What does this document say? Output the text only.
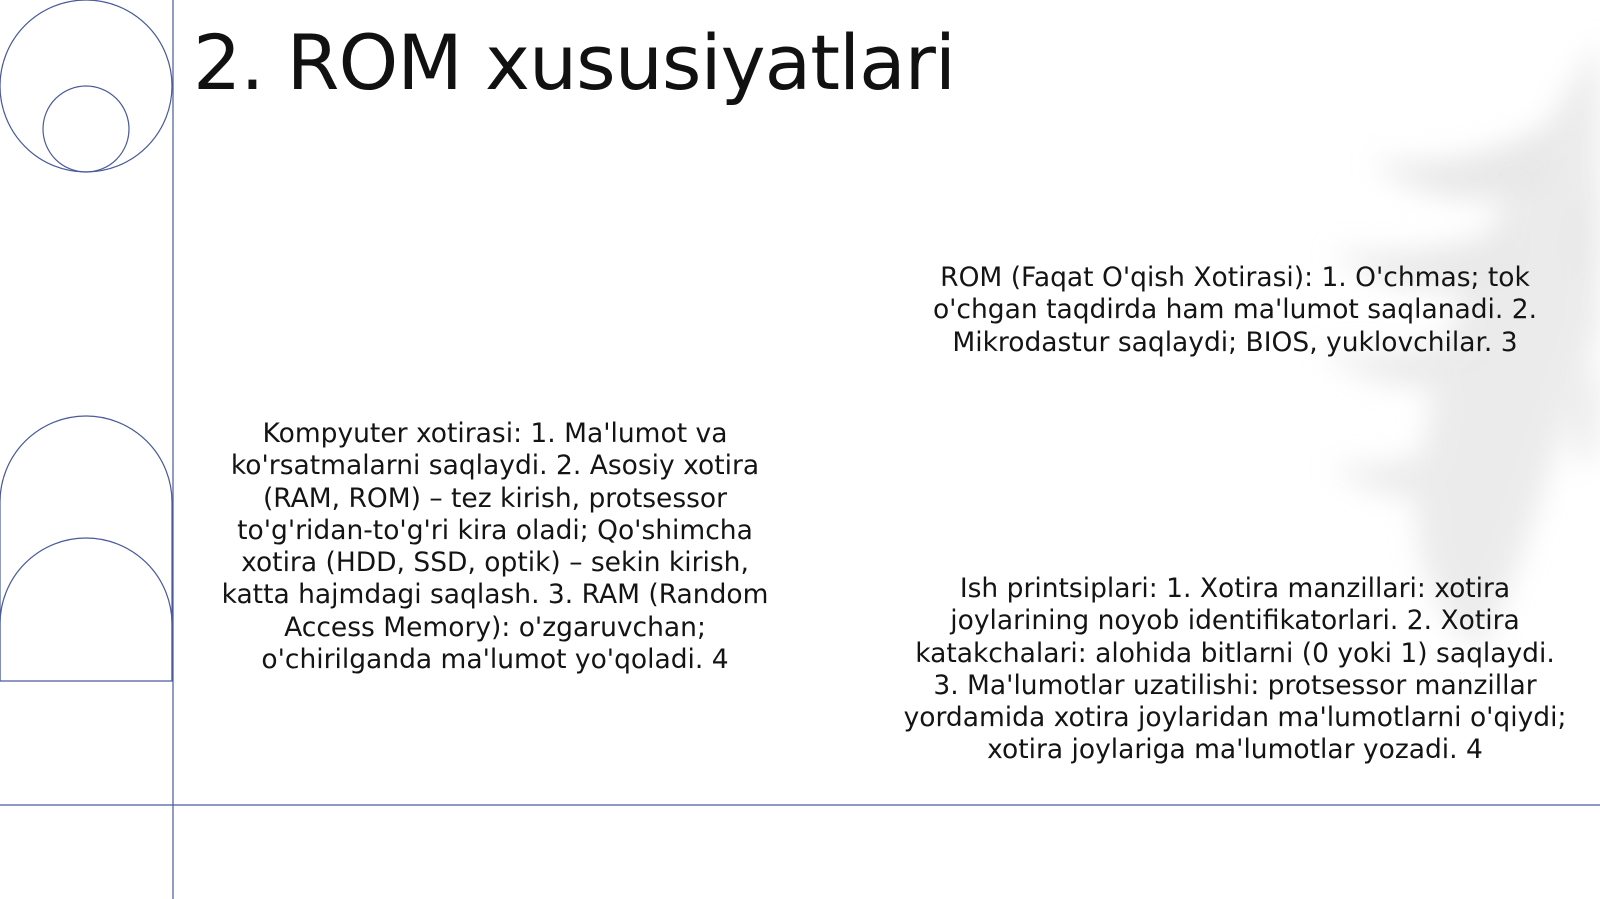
2. ROM xususiyatlari

ROM (Faqat O'qish Xotirasi): 1. O'chmas; tok o'chgan taqdirda ham ma'lumot saqlanadi. 2. Mikrodastur saqlaydi; BIOS, yuklovchilar. 3

Kompyuter xotirasi: 1. Ma'lumot va ko'rsatmalarni saqlaydi. 2. Asosiy xotira (RAM, ROM) – tez kirish, protsessor to'g'ridan-to'g'ri kira oladi; Qo'shimcha xotira (HDD, SSD, optik) – sekin kirish, katta hajmdagi saqlash. 3. RAM (Random Access Memory): o'zgaruvchan; o'chirilganda ma'lumot yo'qoladi. 4

Ish printsiplari: 1. Xotira manzillari: xotira joylarining noyob identifikatorlari. 2. Xotira katakchalari: alohida bitlarni (0 yoki 1) saqlaydi. 3. Ma'lumotlar uzatilishi: protsessor manzillar yordamida xotira joylaridan ma'lumotlarni o'qiydi; xotira joylariga ma'lumotlar yozadi. 4
